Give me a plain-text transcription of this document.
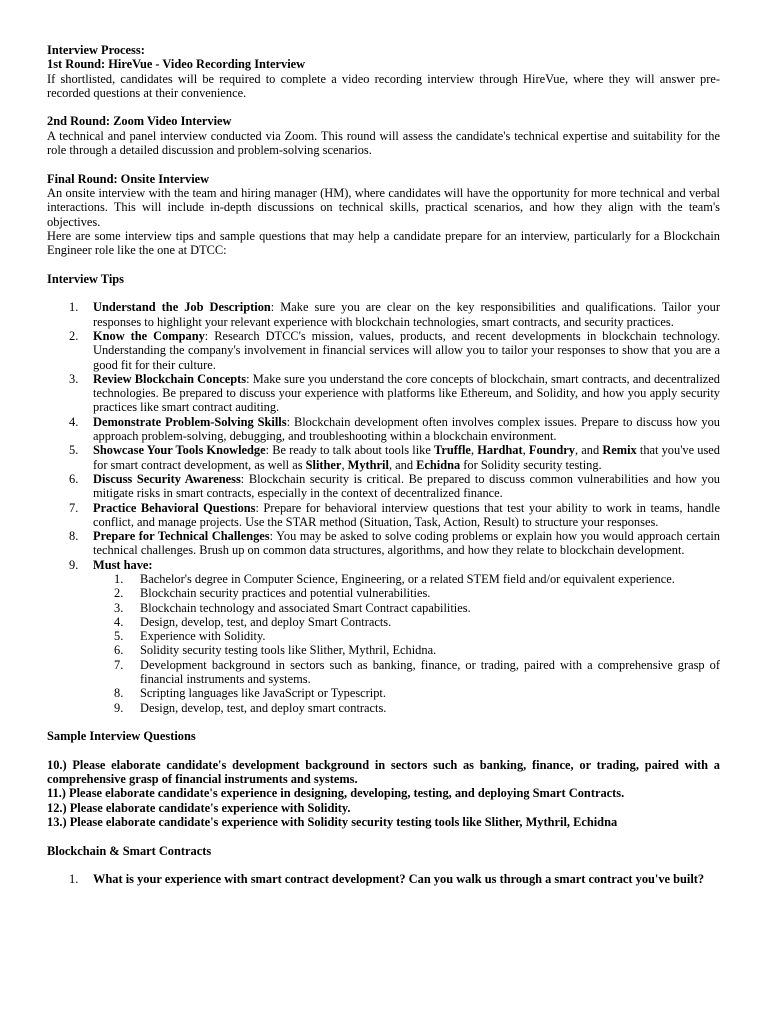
Interview Process:

1st Round: HireVue - Video Recording Interview

If shortlisted, candidates will be required to complete a video recording interview through HireVue, where they will answer pre-recorded questions at their convenience.

2nd Round: Zoom Video Interview

A technical and panel interview conducted via Zoom. This round will assess the candidate's technical expertise and suitability for the role through a detailed discussion and problem-solving scenarios.

Final Round: Onsite Interview

An onsite interview with the team and hiring manager (HM), where candidates will have the opportunity for more technical and verbal interactions. This will include in-depth discussions on technical skills, practical scenarios, and how they align with the team's objectives.

Here are some interview tips and sample questions that may help a candidate prepare for an interview, particularly for a Blockchain Engineer role like the one at DTCC:

Interview Tips

1. Understand the Job Description: Make sure you are clear on the key responsibilities and qualifications. Tailor your responses to highlight your relevant experience with blockchain technologies, smart contracts, and security practices.
2. Know the Company: Research DTCC's mission, values, products, and recent developments in blockchain technology. Understanding the company's involvement in financial services will allow you to tailor your responses to show that you are a good fit for their culture.
3. Review Blockchain Concepts: Make sure you understand the core concepts of blockchain, smart contracts, and decentralized technologies. Be prepared to discuss your experience with platforms like Ethereum, and Solidity, and how you apply security practices like smart contract auditing.
4. Demonstrate Problem-Solving Skills: Blockchain development often involves complex issues. Prepare to discuss how you approach problem-solving, debugging, and troubleshooting within a blockchain environment.
5. Showcase Your Tools Knowledge: Be ready to talk about tools like Truffle, Hardhat, Foundry, and Remix that you've used for smart contract development, as well as Slither, Mythril, and Echidna for Solidity security testing.
6. Discuss Security Awareness: Blockchain security is critical. Be prepared to discuss common vulnerabilities and how you mitigate risks in smart contracts, especially in the context of decentralized finance.
7. Practice Behavioral Questions: Prepare for behavioral interview questions that test your ability to work in teams, handle conflict, and manage projects. Use the STAR method (Situation, Task, Action, Result) to structure your responses.
8. Prepare for Technical Challenges: You may be asked to solve coding problems or explain how you would approach certain technical challenges. Brush up on common data structures, algorithms, and how they relate to blockchain development.
9. Must have:
1. Bachelor's degree in Computer Science, Engineering, or a related STEM field and/or equivalent experience.
2. Blockchain security practices and potential vulnerabilities.
3. Blockchain technology and associated Smart Contract capabilities.
4. Design, develop, test, and deploy Smart Contracts.
5. Experience with Solidity.
6. Solidity security testing tools like Slither, Mythril, Echidna.
7. Development background in sectors such as banking, finance, or trading, paired with a comprehensive grasp of financial instruments and systems.
8. Scripting languages like JavaScript or Typescript.
9. Design, develop, test, and deploy smart contracts.

Sample Interview Questions

10.) Please elaborate candidate's development background in sectors such as banking, finance, or trading, paired with a comprehensive grasp of financial instruments and systems.

11.) Please elaborate candidate's experience in designing, developing, testing, and deploying Smart Contracts.

12.) Please elaborate candidate's experience with Solidity.

13.) Please elaborate candidate's experience with Solidity security testing tools like Slither, Mythril, Echidna

Blockchain & Smart Contracts

1. What is your experience with smart contract development? Can you walk us through a smart contract you've built?
